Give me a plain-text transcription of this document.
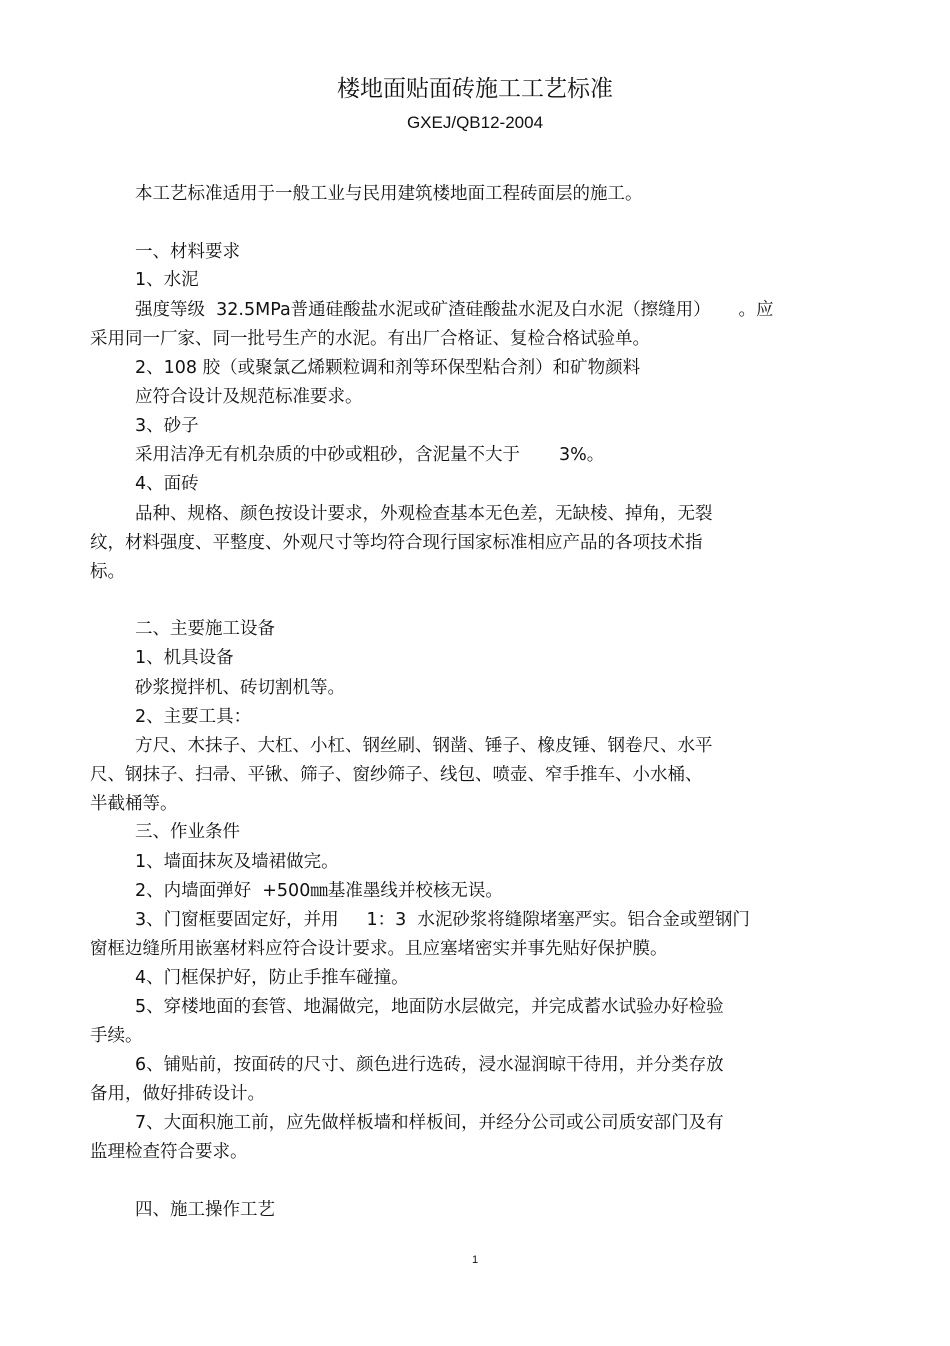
楼地面贴面砖施工工艺标准
GXEJ/QB12-2004

本工艺标准适用于一般工业与民用建筑楼地面工程砖面层的施工。

一、材料要求

1、水泥

强度等级  32.5MPa普通硅酸盐水泥或矿渣硅酸盐水泥及白水泥（擦缝用）     。应

采用同一厂家、同一批号生产的水泥。有出厂合格证、复检合格试验单。

2、108 胶（或聚氯乙烯颗粒调和剂等环保型粘合剂）和矿物颜料

应符合设计及规范标准要求。

3、砂子

采用洁净无有机杂质的中砂或粗砂，含泥量不大于       3%。

4、面砖

品种、规格、颜色按设计要求，外观检查基本无色差，无缺棱、掉角，无裂

纹，材料强度、平整度、外观尺寸等均符合现行国家标准相应产品的各项技术指

标。

二、主要施工设备

1、机具设备

砂浆搅拌机、砖切割机等。

2、主要工具：

方尺、木抹子、大杠、小杠、钢丝刷、钢凿、锤子、橡皮锤、钢卷尺、水平

尺、钢抹子、扫帚、平锹、筛子、窗纱筛子、线包、喷壶、窄手推车、小水桶、

半截桶等。

三、作业条件

1、墙面抹灰及墙裙做完。

2、内墙面弹好  +500㎜基准墨线并校核无误。

3、门窗框要固定好，并用     1：3  水泥砂浆将缝隙堵塞严实。铝合金或塑钢门

窗框边缝所用嵌塞材料应符合设计要求。且应塞堵密实并事先贴好保护膜。

4、门框保护好，防止手推车碰撞。

5、穿楼地面的套管、地漏做完，地面防水层做完，并完成蓄水试验办好检验

手续。

6、铺贴前，按面砖的尺寸、颜色进行选砖，浸水湿润晾干待用，并分类存放

备用，做好排砖设计。

7、大面积施工前，应先做样板墙和样板间，并经分公司或公司质安部门及有

监理检查符合要求。

四、施工操作工艺

1
